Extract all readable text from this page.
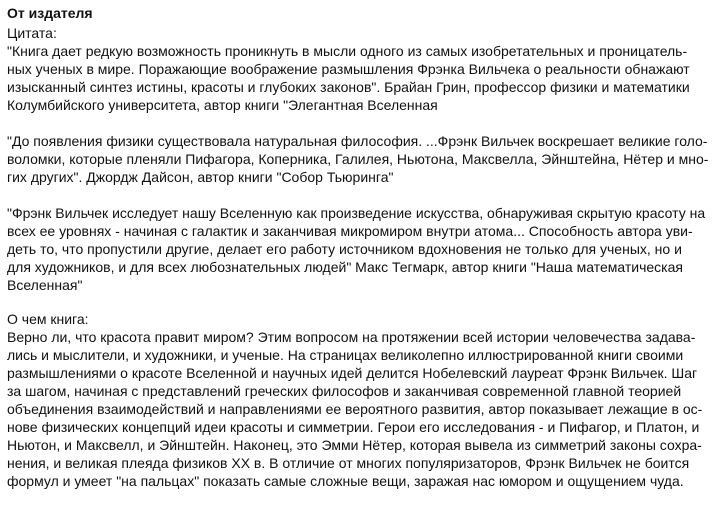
От издателя
Цитата:
"Книга дает редкую возможность проникнуть в мысли одного из самых изобретательных и проницатель-
ных ученых в мире. Поражающие воображение размышления Фрэнка Вильчека о реальности обнажают
изысканный синтез истины, красоты и глубоких законов". Брайан Грин, профессор физики и математики
Колумбийского университета, автор книги "Элегантная Вселенная
"До появления физики существовала натуральная философия. ...Фрэнк Вильчек воскрешает великие голо-
воломки, которые пленяли Пифагора, Коперника, Галилея, Ньютона, Максвелла, Эйнштейна, Нётер и мно-
гих других". Джордж Дайсон, автор книги "Собор Тьюринга"
"Фрэнк Вильчек исследует нашу Вселенную как произведение искусства, обнаруживая скрытую красоту на
всех ее уровнях - начиная с галактик и заканчивая микромиром внутри атома... Способность автора уви-
деть то, что пропустили другие, делает его работу источником вдохновения не только для ученых, но и
для художников, и для всех любознательных людей" Макс Тегмарк, автор книги "Наша математическая
Вселенная"
О чем книга:
Верно ли, что красота правит миром? Этим вопросом на протяжении всей истории человечества задава-
лись и мыслители, и художники, и ученые. На страницах великолепно иллюстрированной книги своими
размышлениями о красоте Вселенной и научных идей делится Нобелевский лауреат Фрэнк Вильчек. Шаг
за шагом, начиная с представлений греческих философов и заканчивая современной главной теорией
объединения взаимодействий и направлениями ее вероятного развития, автор показывает лежащие в ос-
нове физических концепций идеи красоты и симметрии. Герои его исследования - и Пифагор, и Платон, и
Ньютон, и Максвелл, и Эйнштейн. Наконец, это Эмми Нётер, которая вывела из симметрий законы сохра-
нения, и великая плеяда физиков XX в. В отличие от многих популяризаторов, Фрэнк Вильчек не боится
формул и умеет "на пальцах" показать самые сложные вещи, заражая нас юмором и ощущением чуда.
